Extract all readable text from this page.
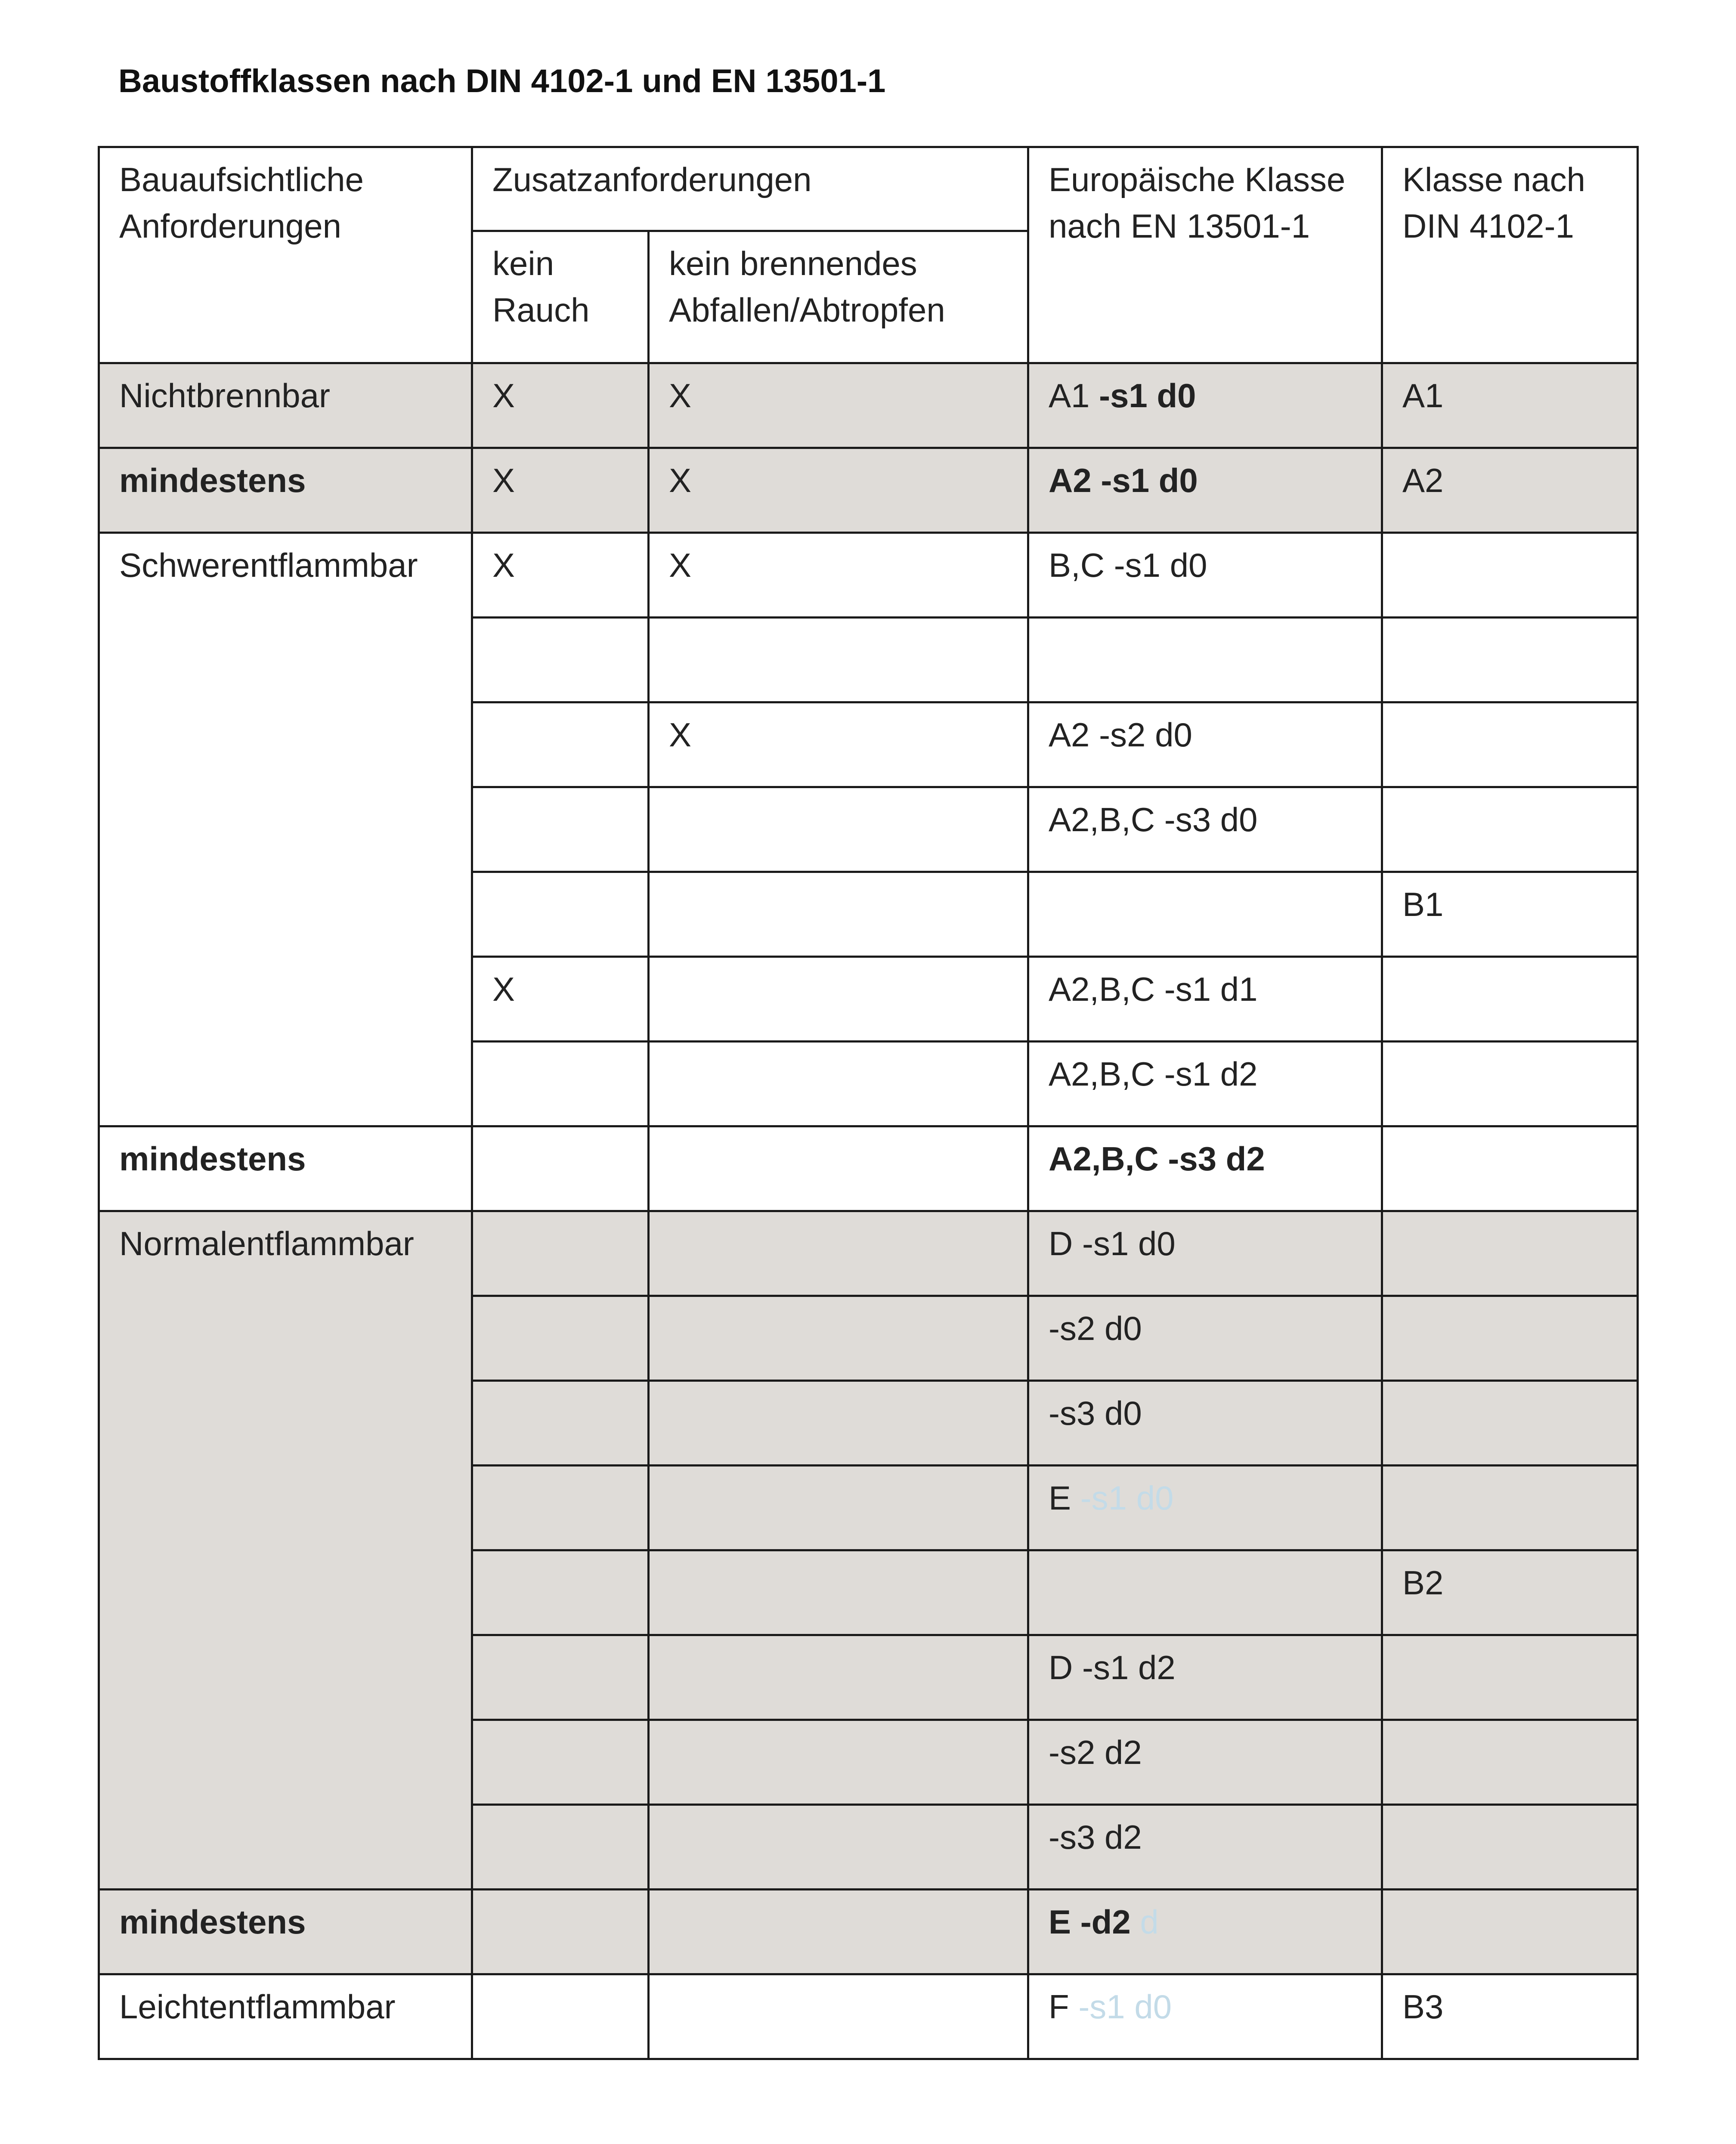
Baustoffklassen nach DIN 4102-1 und EN 13501-1
Bauaufsichtliche Anforderungen	Zusatzanforderungen		Europäische Klasse nach EN 13501-1	Klasse nach DIN 4102-1
	kein Rauch	kein brennendes Abfallen/Abtropfen		
Nichtbrennbar	X	X	A1 -s1 d0	A1
mindestens	X	X	A2 -s1 d0	A2
Schwerentflammbar	X	X	B,C -s1 d0	

		X	A2 -s2 d0	
			A2,B,C -s3 d0	
				B1
	X		A2,B,C -s1 d1	
			A2,B,C -s1 d2	
mindestens			A2,B,C -s3 d2	
Normalentflammbar			D -s1 d0	
			-s2 d0	
			-s3 d0	
			E -s1 d0	
				B2
			D -s1 d2	
			-s2 d2	
			-s3 d2	
mindestens			E -d2 d	
Leichtentflammbar			F -s1 d0	B3
